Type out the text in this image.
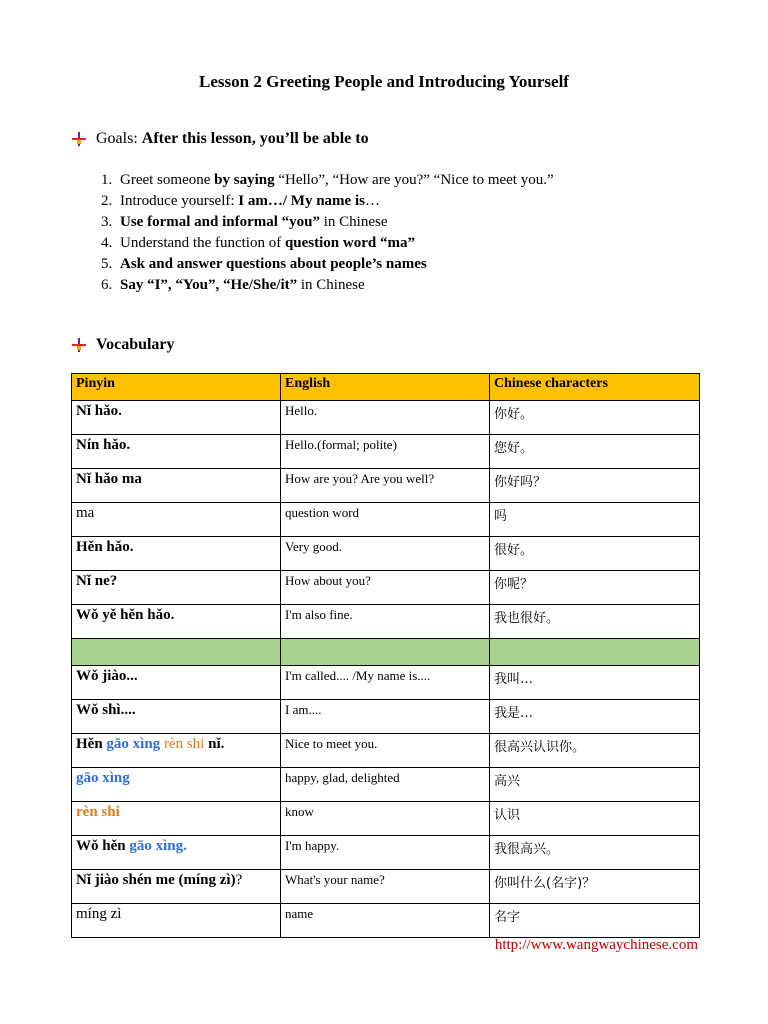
Lesson 2 Greeting People and Introducing Yourself
Goals:
After this lesson, you’ll be able to
1. Greet someone by saying “Hello”, “How are you?” “Nice to meet you.”
2. Introduce yourself: I am…/ My name is…
3. Use formal and informal “you” in Chinese
4. Understand the function of question word “ma”
5. Ask and answer questions about people’s names
6. Say “I”, “You”, “He/She/it” in Chinese
Vocabulary
Pinyin	English	Chinese characters
Nǐ hǎo.	Hello.	你好。
Nín hǎo.	Hello.(formal; polite)	您好。
Nǐ hǎo ma	How are you? Are you well?	你好吗？
ma	question word	吗
Hěn hǎo.	Very good.	很好。
Nǐ ne?	How about you?	你呢？
Wǒ yě hěn hǎo.	I'm also fine.	我也很好。

Wǒ jiào...	I'm called.... /My name is....	我叫…
Wǒ shì....	I am....	我是…
Hěn gāo xìng rèn shi nǐ.	Nice to meet you.	很高兴认识你。
gāo xìng	happy, glad, delighted	高兴
rèn shi	know	认识
Wǒ hěn gāo xìng.	I'm happy.	我很高兴。
Nǐ jiào shén me (míng zì)?	What's your name?	你叫什么(名字)？
míng zì	name	名字
http://www.wangwaychinese.com
